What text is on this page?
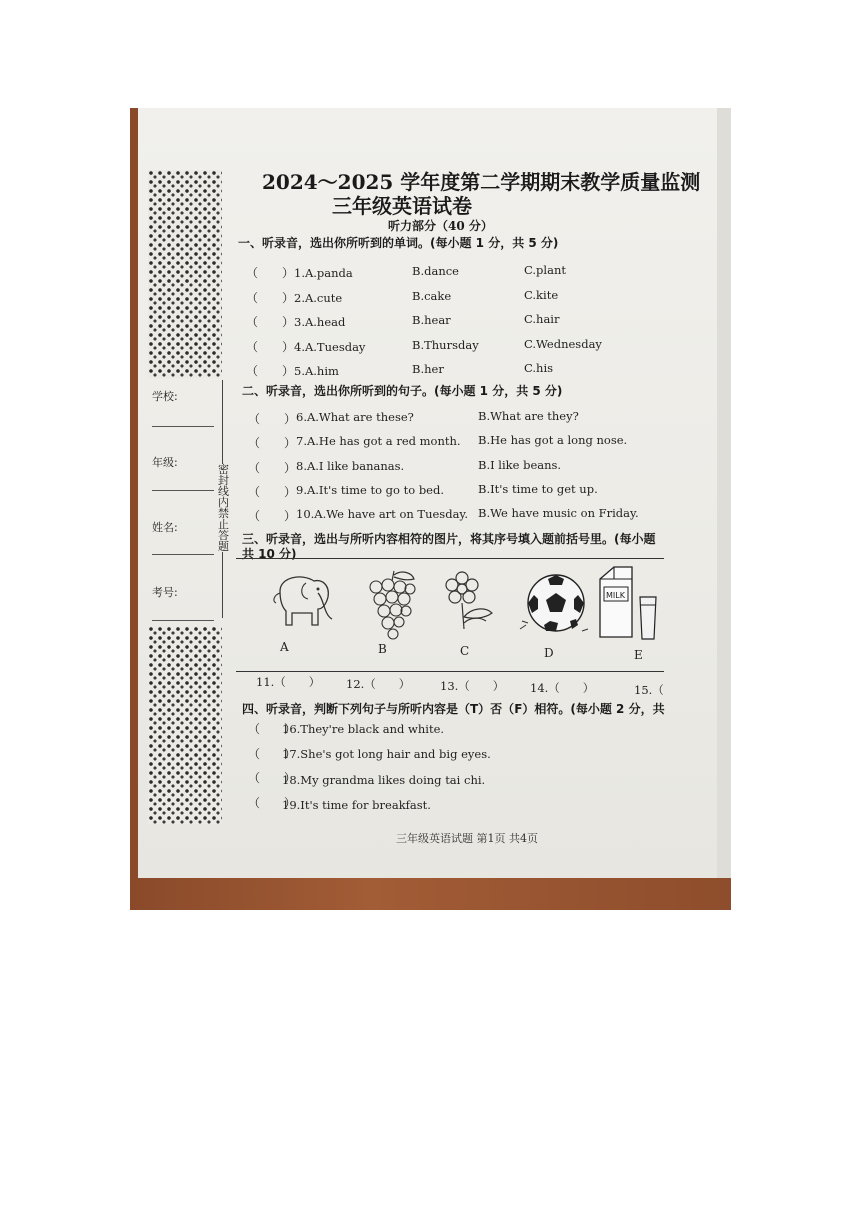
学校:
年级:
姓名:
考号:
密封线内禁止答题
2024～2025 学年度第二学期期末教学质量监测
三年级英语试卷
听力部分（40 分）
一、听录音，选出你所听到的单词。(每小题 1 分，共 5 分)
（　　） 1.A.panda	B.dance	C.plant
（　　） 2.A.cute	B.cake	C.kite
（　　） 3.A.head	B.hear	C.hair
（　　） 4.A.Tuesday	B.Thursday	C.Wednesday
（　　） 5.A.him	B.her	C.his
二、听录音，选出你所听到的句子。(每小题 1 分，共 5 分)
（　　） 6.A.What are these?	B.What are they?
（　　） 7.A.He has got a red month. B.He has got a long nose.
（　　） 8.A.I like bananas.	B.I like beans.
（　　） 9.A.It's time to go to bed.	B.It's time to get up.
（　　） 10.A.We have art on Tuesday. B.We have music on Friday.
三、听录音，选出与所听内容相符的图片，将其序号填入题前括号里。(每小题
共 10 分)
MILK
A	B	C	D	E
11.（　　） 12.（　　）	13.（　　） 14.（　　）	15.（　
四、听录音，判断下列句子与所听内容是（T）否（F）相符。(每小题 2 分，共
（　　）
16.They're black and white.
（　　）
17.She's got long hair and big eyes.
（　　）
18.My grandma likes doing tai chi.
（　　）
19.It's time for breakfast.
三年级英语试题 第1页 共4页
